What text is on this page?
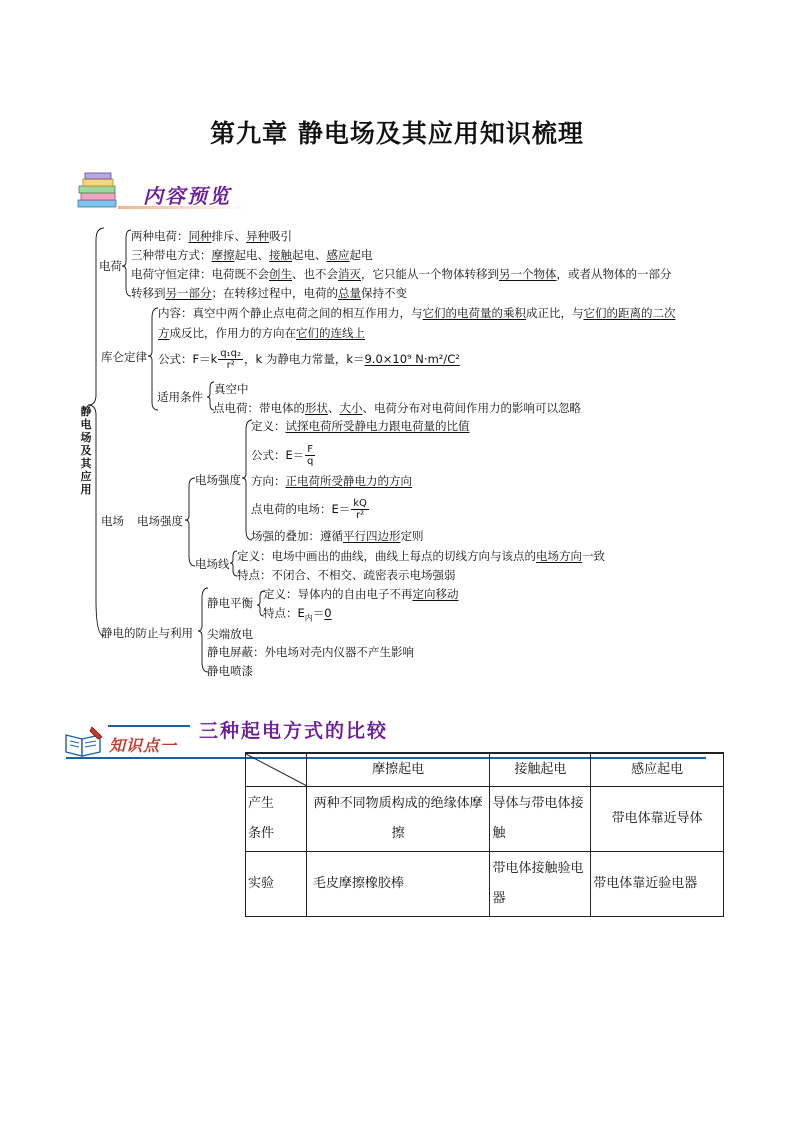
第九章 静电场及其应用知识梳理
内容预览
静电场及其应用
电荷
两种电荷：同种排斥、异种吸引
三种带电方式：摩擦起电、接触起电、感应起电
电荷守恒定律：电荷既不会创生、也不会消灭，它只能从一个物体转移到另一个物体，或者从物体的一部分
转移到另一部分；在转移过程中，电荷的总量保持不变
库仑定律
内容：真空中两个静止点电荷之间的相互作用力，与它们的电荷量的乘积成正比，与它们的距离的二次
方成反比，作用力的方向在它们的连线上
公式：$F=k \frac{\text{q₁q₂}}{\text{r²}}$ ，k 为静电力常量，k＝9.0×10⁹ N·m²/C²
适用条件
真空中
点电荷：带电体的形状、大小、电荷分布对电荷间作用力的影响可以忽略
电场 电场强度
电场强度
定义：试探电荷所受静电力跟电荷量的比值
公式：$E= \frac{F}{q}$
方向：正电荷所受静电力的方向
点电荷的电场：$E= \frac{kQ}{\text{r²}}$
场强的叠加：遵循平行四边形定则
电场线
定义：电场中画出的曲线，曲线上每点的切线方向与该点的电场方向一致
特点：不闭合、不相交、疏密表示电场强弱
静电的防止与利用
静电平衡
定义：导体内的自由电子不再定向移动
特点：$E_内=0$
尖端放电
静电屏蔽：外电场对壳内仪器不产生影响
静电喷漆
知识点一
三种起电方式的比较
	摩擦起电	接触起电	感应起电

产生
条件	两种不同物质构成的绝缘体摩擦	导体与带电体接触	带电体靠近导体
实验	毛皮摩擦橡胶棒	带电体接触验电器	带电体靠近验电器
